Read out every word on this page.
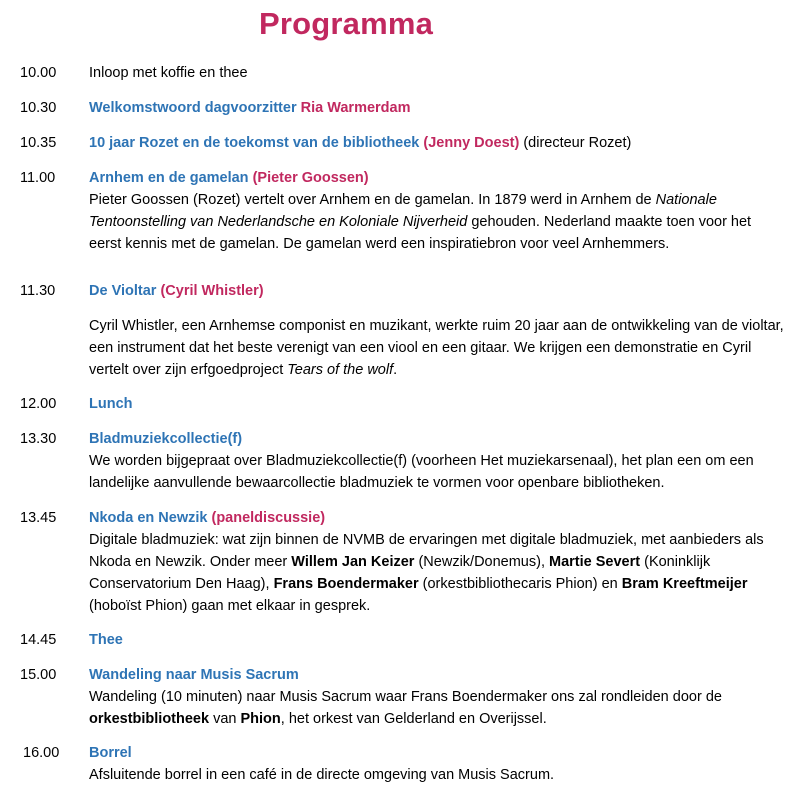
Programma
10.00 Inloop met koffie en thee
10.30 Welkomstwoord dagvoorzitter Ria Warmerdam
10.35 10 jaar Rozet en de toekomst van de bibliotheek (Jenny Doest) (directeur Rozet)
11.00 Arnhem en de gamelan (Pieter Goossen)
Pieter Goossen (Rozet) vertelt over Arnhem en de gamelan. In 1879 werd in Arnhem de Nationale Tentoonstelling van Nederlandsche en Koloniale Nijverheid gehouden. Nederland maakte toen voor het eerst kennis met de gamelan. De gamelan werd een inspiratiebron voor veel Arnhemmers.
11.30 De Violtar (Cyril Whistler)
Cyril Whistler, een Arnhemse componist en muzikant, werkte ruim 20 jaar aan de ontwikkeling van de violtar, een instrument dat het beste verenigt van een viool en een gitaar. We krijgen een demonstratie en Cyril vertelt over zijn erfgoedproject Tears of the wolf.
12.00 Lunch
13.30 Bladmuziekcollectie(f)
We worden bijgepraat over Bladmuziekcollectie(f) (voorheen Het muziekarsenaal), het plan een om een landelijke aanvullende bewaarcollectie bladmuziek te vormen voor openbare bibliotheken.
13.45 Nkoda en Newzik (paneldiscussie)
Digitale bladmuziek: wat zijn binnen de NVMB de ervaringen met digitale bladmuziek, met aanbieders als Nkoda en Newzik. Onder meer Willem Jan Keizer (Newzik/Donemus), Martie Severt (Koninklijk Conservatorium Den Haag), Frans Boendermaker (orkestbibliothecaris Phion) en Bram Kreeftmeijer (hoboïst Phion) gaan met elkaar in gesprek.
14.45 Thee
15.00 Wandeling naar Musis Sacrum
Wandeling (10 minuten) naar Musis Sacrum waar Frans Boendermaker ons zal rondleiden door de orkestbibliotheek van Phion, het orkest van Gelderland en Overijssel.
16.00 Borrel
Afsluitende borrel in een café in de directe omgeving van Musis Sacrum.
